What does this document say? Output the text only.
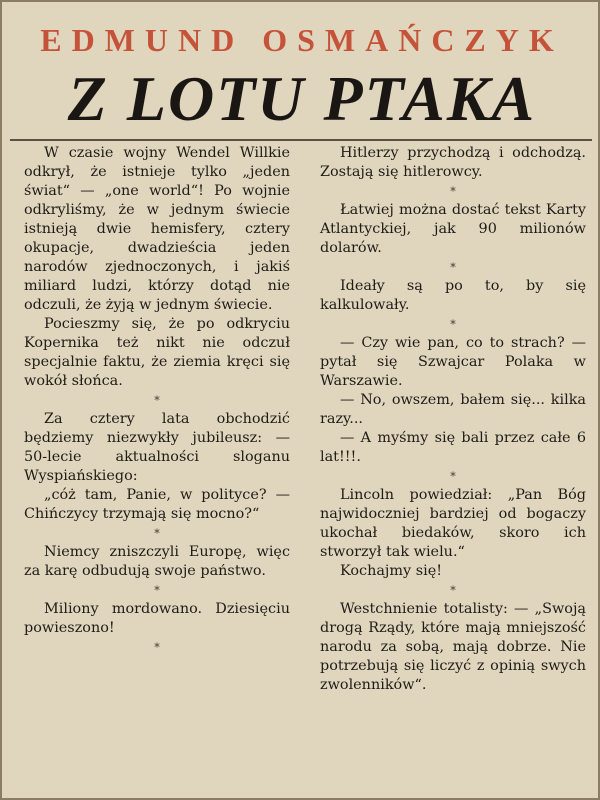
EDMUND OSMAŃCZYK
Z LOTU PTAKA

W czasie wojny Wendel Willkie odkrył, że istnieje tylko „jeden świat“ — „one world“! Po wojnie odkryliśmy, że w jednym świecie istnieją dwie hemisfery, cztery okupacje, dwadzieścia jeden narodów zjednoczonych, i jakiś miliard ludzi, którzy dotąd nie odczuli, że żyją w jednym świecie.

Pocieszmy się, że po odkryciu Kopernika też nikt nie odczuł specjalnie faktu, że ziemia kręci się wokół słońca.

*

Za cztery lata obchodzić będziemy niezwykły jubileusz: — 50-lecie aktualności sloganu Wyspiańskiego:

„cóż tam, Panie, w polityce? — Chińczycy trzymają się mocno?“

*

Niemcy zniszczyli Europę, więc za karę odbudują swoje państwo.

*

Miliony mordowano. Dziesięciu powieszono!

*

Hitlerzy przychodzą i odchodzą. Zostają się hitlerowcy.

*

Łatwiej można dostać tekst Karty Atlantyckiej, jak 90 milionów dolarów.

*

Ideały są po to, by się kalkulowały.

*

— Czy wie pan, co to strach? — pytał się Szwajcar Polaka w Warszawie.

— No, owszem, bałem się... kilka razy...

— A myśmy się bali przez całe 6 lat!!!.

*

Lincoln powiedział: „Pan Bóg najwidoczniej bardziej od bogaczy ukochał biedaków, skoro ich stworzył tak wielu.“

Kochajmy się!

*

Westchnienie totalisty: — „Swoją drogą Rządy, które mają mniejszość narodu za sobą, mają dobrze. Nie potrzebują się liczyć z opinią swych zwolenników“.
